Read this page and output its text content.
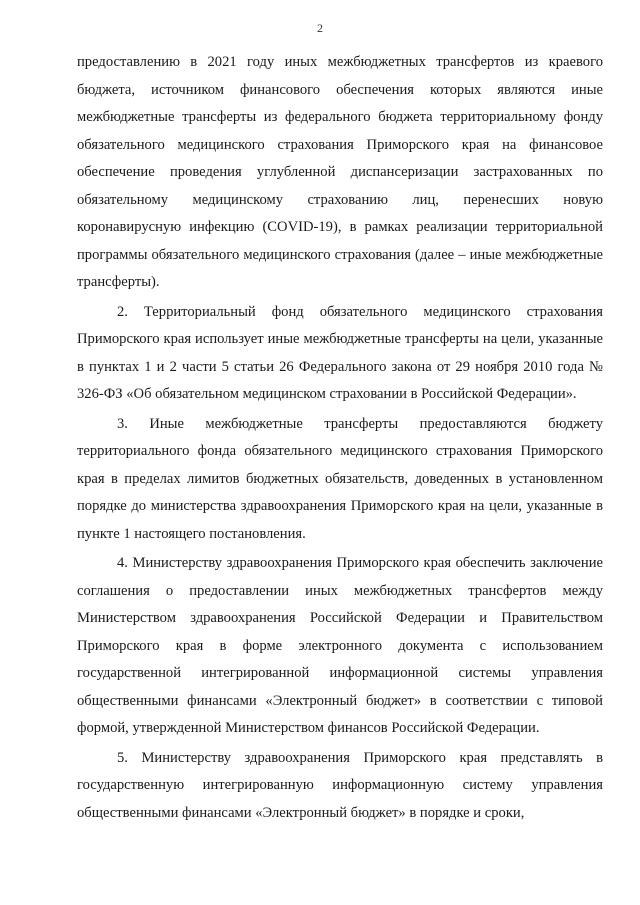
2

предоставлению в 2021 году иных межбюджетных трансфертов из краевого бюджета, источником финансового обеспечения которых являются иные межбюджетные трансферты из федерального бюджета территориальному фонду обязательного медицинского страхования Приморского края на финансовое обеспечение проведения углубленной диспансеризации застрахованных по обязательному медицинскому страхованию лиц, перенесших новую коронавирусную инфекцию (COVID-19), в рамках реализации территориальной программы обязательного медицинского страхования (далее – иные межбюджетные трансферты).

2. Территориальный фонд обязательного медицинского страхования Приморского края использует иные межбюджетные трансферты на цели, указанные в пунктах 1 и 2 части 5 статьи 26 Федерального закона от 29 ноября 2010 года № 326-ФЗ «Об обязательном медицинском страховании в Российской Федерации».

3. Иные межбюджетные трансферты предоставляются бюджету территориального фонда обязательного медицинского страхования Приморского края в пределах лимитов бюджетных обязательств, доведенных в установленном порядке до министерства здравоохранения Приморского края на цели, указанные в пункте 1 настоящего постановления.

4. Министерству здравоохранения Приморского края обеспечить заключение соглашения о предоставлении иных межбюджетных трансфертов между Министерством здравоохранения Российской Федерации и Правительством Приморского края в форме электронного документа с использованием государственной интегрированной информационной системы управления общественными финансами «Электронный бюджет» в соответствии с типовой формой, утвержденной Министерством финансов Российской Федерации.

5. Министерству здравоохранения Приморского края представлять в государственную интегрированную информационную систему управления общественными финансами «Электронный бюджет» в порядке и сроки,
